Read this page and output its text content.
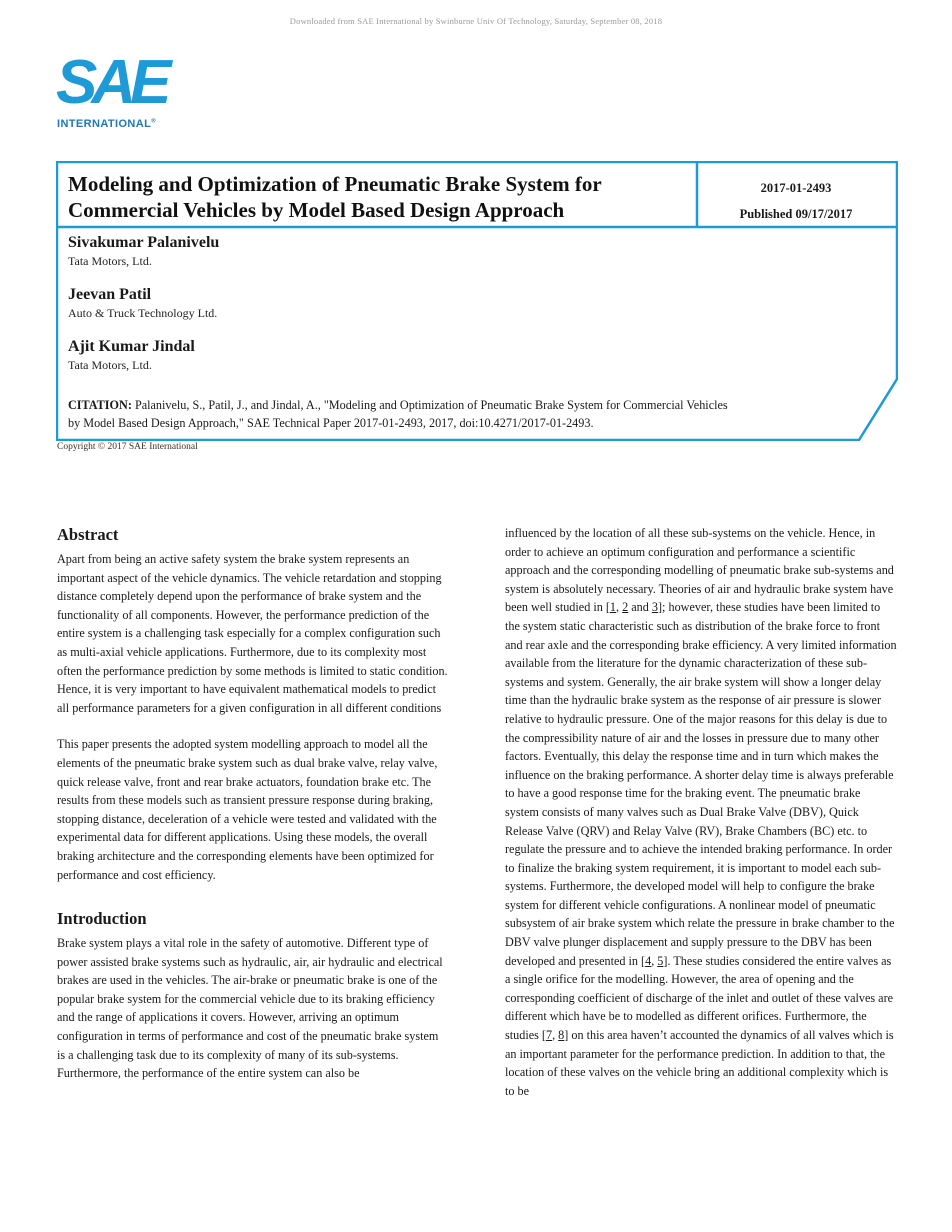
Downloaded from SAE International by Swinburne Univ Of Technology, Saturday, September 08, 2018
SAE
INTERNATIONAL®
Modeling and Optimization of Pneumatic Brake System for Commercial Vehicles by Model Based Design Approach
2017-01-2493
Published 09/17/2017
Sivakumar Palanivelu
Tata Motors, Ltd.
Jeevan Patil
Auto & Truck Technology Ltd.
Ajit Kumar Jindal
Tata Motors, Ltd.
CITATION: Palanivelu, S., Patil, J., and Jindal, A., "Modeling and Optimization of Pneumatic Brake System for Commercial Vehicles
by Model Based Design Approach," SAE Technical Paper 2017-01-2493, 2017, doi:10.4271/2017-01-2493.
Copyright © 2017 SAE International
Abstract

Apart from being an active safety system the brake system represents an important aspect of the vehicle dynamics. The vehicle retardation and stopping distance completely depend upon the performance of brake system and the functionality of all components. However, the performance prediction of the entire system is a challenging task especially for a complex configuration such as multi-axial vehicle applications. Furthermore, due to its complexity most often the performance prediction by some methods is limited to static condition. Hence, it is very important to have equivalent mathematical models to predict all performance parameters for a given configuration in all different conditions

This paper presents the adopted system modelling approach to model all the elements of the pneumatic brake system such as dual brake valve, relay valve, quick release valve, front and rear brake actuators, foundation brake etc. The results from these models such as transient pressure response during braking, stopping distance, deceleration of a vehicle were tested and validated with the experimental data for different applications. Using these models, the overall braking architecture and the corresponding elements have been optimized for performance and cost efficiency.

Introduction

Brake system plays a vital role in the safety of automotive. Different type of power assisted brake systems such as hydraulic, air, air hydraulic and electrical brakes are used in the vehicles. The air-brake or pneumatic brake is one of the popular brake system for the commercial vehicle due to its braking efficiency and the range of applications it covers. However, arriving an optimum configuration in terms of performance and cost of the pneumatic brake system is a challenging task due to its complexity of many of its sub-systems. Furthermore, the performance of the entire system can also be

influenced by the location of all these sub-systems on the vehicle. Hence, in order to achieve an optimum configuration and performance a scientific approach and the corresponding modelling of pneumatic brake sub-systems and system is absolutely necessary. Theories of air and hydraulic brake system have been well studied in [1, 2 and 3]; however, these studies have been limited to the system static characteristic such as distribution of the brake force to front and rear axle and the corresponding brake efficiency. A very limited information available from the literature for the dynamic characterization of these sub-systems and system. Generally, the air brake system will show a longer delay time than the hydraulic brake system as the response of air pressure is slower relative to hydraulic pressure. One of the major reasons for this delay is due to the compressibility nature of air and the losses in pressure due to many other factors. Eventually, this delay the response time and in turn which makes the influence on the braking performance. A shorter delay time is always preferable to have a good response time for the braking event. The pneumatic brake system consists of many valves such as Dual Brake Valve (DBV), Quick Release Valve (QRV) and Relay Valve (RV), Brake Chambers (BC) etc. to regulate the pressure and to achieve the intended braking performance. In order to finalize the braking system requirement, it is important to model each sub-systems. Furthermore, the developed model will help to configure the brake system for different vehicle configurations. A nonlinear model of pneumatic subsystem of air brake system which relate the pressure in brake chamber to the DBV valve plunger displacement and supply pressure to the DBV has been developed and presented in [4, 5]. These studies considered the entire valves as a single orifice for the modelling. However, the area of opening and the corresponding coefficient of discharge of the inlet and outlet of these valves are different which have be to modelled as different orifices. Furthermore, the studies [7, 8] on this area haven’t accounted the dynamics of all valves which is an important parameter for the performance prediction. In addition to that, the location of these valves on the vehicle bring an additional complexity which is to be
